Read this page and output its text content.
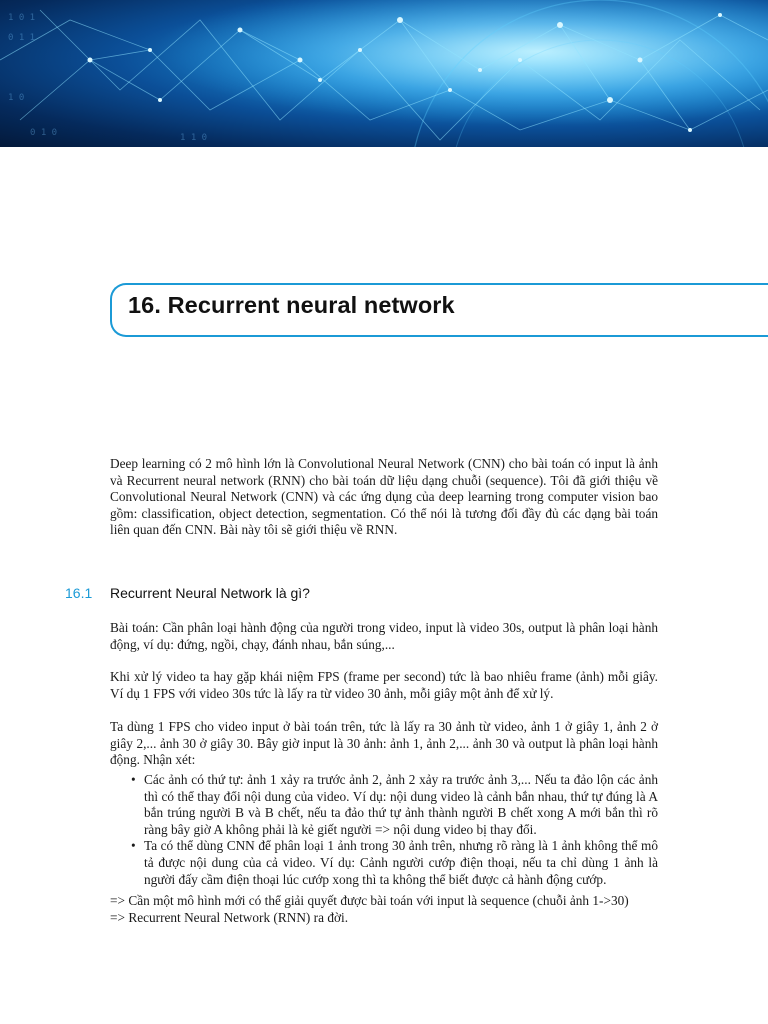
1 0 1
0 1 1
1 0
0 1 0	1 1 0
16. Recurrent neural network

Deep learning có 2 mô hình lớn là Convolutional Neural Network (CNN) cho bài toán có input là ảnh và Recurrent neural network (RNN) cho bài toán dữ liệu dạng chuỗi (sequence). Tôi đã giới thiệu về Convolutional Neural Network (CNN) và các ứng dụng của deep learning trong computer vision bao gồm: classification, object detection, segmentation. Có thể nói là tương đối đầy đủ các dạng bài toán liên quan đến CNN. Bài này tôi sẽ giới thiệu về RNN.

16.1 Recurrent Neural Network là gì?

Bài toán: Cần phân loại hành động của người trong video, input là video 30s, output là phân loại hành động, ví dụ: đứng, ngồi, chạy, đánh nhau, bắn súng,...

Khi xử lý video ta hay gặp khái niệm FPS (frame per second) tức là bao nhiêu frame (ảnh) mỗi giây. Ví dụ 1 FPS với video 30s tức là lấy ra từ video 30 ảnh, mỗi giây một ảnh để xử lý.

Ta dùng 1 FPS cho video input ở bài toán trên, tức là lấy ra 30 ảnh từ video, ảnh 1 ở giây 1, ảnh 2 ở giây 2,... ảnh 30 ở giây 30. Bây giờ input là 30 ảnh: ảnh 1, ảnh 2,... ảnh 30 và output là phân loại hành động. Nhận xét:

• Các ảnh có thứ tự: ảnh 1 xảy ra trước ảnh 2, ảnh 2 xảy ra trước ảnh 3,... Nếu ta đảo lộn các ảnh thì có thể thay đổi nội dung của video. Ví dụ: nội dung video là cảnh bắn nhau, thứ tự đúng là A bắn trúng người B và B chết, nếu ta đảo thứ tự ảnh thành người B chết xong A mới bắn thì rõ ràng bây giờ A không phải là kẻ giết người => nội dung video bị thay đổi.
• Ta có thể dùng CNN để phân loại 1 ảnh trong 30 ảnh trên, nhưng rõ ràng là 1 ảnh không thể mô tả được nội dung của cả video. Ví dụ: Cảnh người cướp điện thoại, nếu ta chỉ dùng 1 ảnh là người đấy cầm điện thoại lúc cướp xong thì ta không thể biết được cả hành động cướp.
=> Cần một mô hình mới có thể giải quyết được bài toán với input là sequence (chuỗi ảnh 1->30)
=> Recurrent Neural Network (RNN) ra đời.
